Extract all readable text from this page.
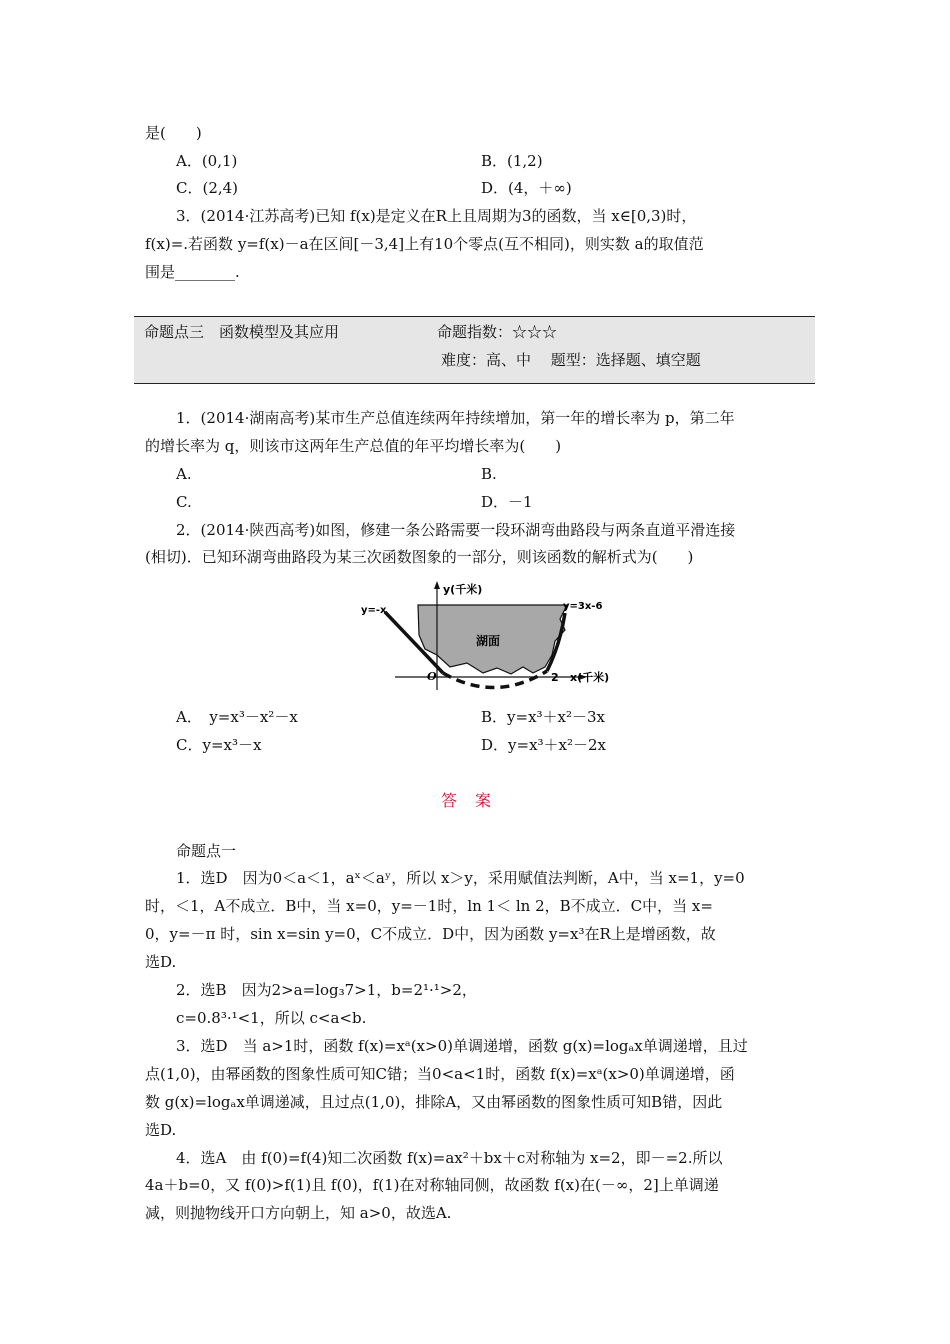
是(　　)
A．(0,1)	B．(1,2)
C．(2,4)	D．(4，＋∞)
3．(2014·江苏高考)已知 f(x)是定义在R上且周期为3的函数，当 x∈[0,3)时，
f(x)=.若函数 y=f(x)－a在区间[－3,4]上有10个零点(互不相同)，则实数 a的取值范
围是________.
命题点三　函数模型及其应用	命题指数：☆☆☆
难度：高、中　 题型：选择题、填空题
1．(2014·湖南高考)某市生产总值连续两年持续增加，第一年的增长率为 p，第二年
的增长率为 q，则该市这两年生产总值的年平均增长率为(　　)
A.	B.
C.	D．－1
2．(2014·陕西高考)如图，修建一条公路需要一段环湖弯曲路段与两条直道平滑连接
(相切)．已知环湖弯曲路段为某三次函数图象的一部分，则该函数的解析式为(　　)
y(千米)
x(千米)
y=-x	y=3x-6
湖面
O	2
A．　y=x³－x²－x	B．y=x³＋x²－3x
C．y=x³－x	D．y=x³＋x²－2x
答案
命题点一
1．选D　因为0＜a＜1，aˣ＜aʸ，所以 x＞y，采用赋值法判断，A中，当 x=1，y=0
时，＜1，A不成立．B中，当 x=0，y=－1时，ln 1＜ ln 2，B不成立．C中，当 x=
0，y=－π 时，sin x=sin y=0，C不成立．D中，因为函数 y=x³在R上是增函数，故
选D.
2．选B　因为2>a=log₃7>1，b=2¹·¹>2，
c=0.8³·¹<1，所以 c<a<b.
3．选D　当 a>1时，函数 f(x)=xᵃ(x>0)单调递增，函数 g(x)=logₐx单调递增，且过
点(1,0)，由幂函数的图象性质可知C错；当0<a<1时，函数 f(x)=xᵃ(x>0)单调递增，函
数 g(x)=logₐx单调递减，且过点(1,0)，排除A，又由幂函数的图象性质可知B错，因此
选D.
4．选A　由 f(0)=f(4)知二次函数 f(x)=ax²＋bx＋c对称轴为 x=2，即－=2.所以
4a＋b=0，又 f(0)>f(1)且 f(0)，f(1)在对称轴同侧，故函数 f(x)在(－∞，2]上单调递
减，则抛物线开口方向朝上，知 a>0，故选A.
